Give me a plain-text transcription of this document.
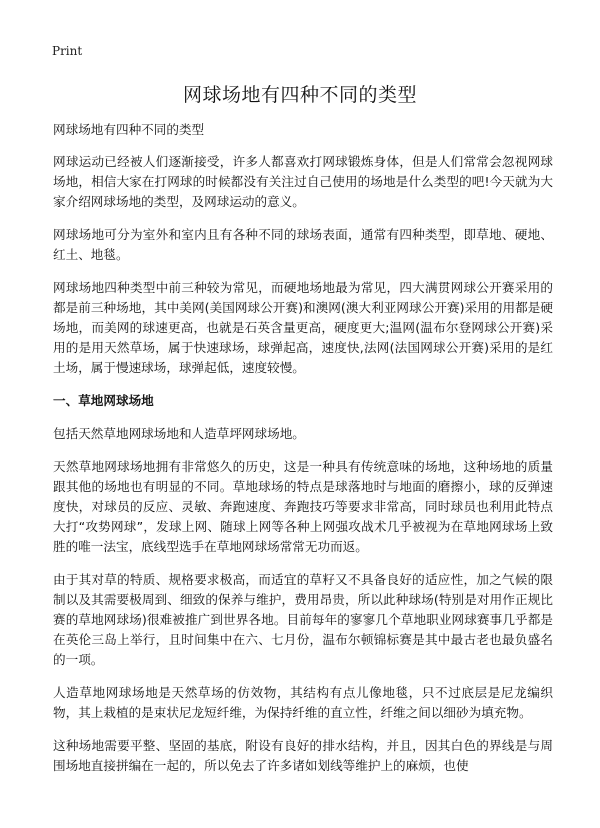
Print
网球场地有四种不同的类型

网球场地有四种不同的类型

网球运动已经被人们逐渐接受，许多人都喜欢打网球锻炼身体，但是人们常常会忽视网球场地，相信大家在打网球的时候都没有关注过自己使用的场地是什么类型的吧!今天就为大家介绍网球场地的类型，及网球运动的意义。

网球场地可分为室外和室内且有各种不同的球场表面，通常有四种类型，即草地、硬地、红土、地毯。

网球场地四种类型中前三种较为常见，而硬地场地最为常见，四大满贯网球公开赛采用的都是前三种场地，其中美网(美国网球公开赛)和澳网(澳大利亚网球公开赛)采用的用都是硬场地，而美网的球速更高，也就是石英含量更高，硬度更大;温网(温布尔登网球公开赛)采用的是用天然草场，属于快速球场，球弹起高，速度快,法网(法国网球公开赛)采用的是红土场，属于慢速球场，球弹起低，速度较慢。

一、草地网球场地

包括天然草地网球场地和人造草坪网球场地。

天然草地网球场地拥有非常悠久的历史，这是一种具有传统意味的场地，这种场地的质量跟其他的场地也有明显的不同。草地球场的特点是球落地时与地面的磨擦小，球的反弹速度快，对球员的反应、灵敏、奔跑速度、奔跑技巧等要求非常高，同时球员也利用此特点大打“攻势网球”，发球上网、随球上网等各种上网强攻战术几乎被视为在草地网球场上致胜的唯一法宝，底线型选手在草地网球场常常无功而返。

由于其对草的特质、规格要求极高，而适宜的草籽又不具备良好的适应性，加之气候的限制以及其需要极周到、细致的保养与维护，费用昂贵，所以此种球场(特别是对用作正规比赛的草地网球场)很难被推广到世界各地。目前每年的寥寥几个草地职业网球赛事几乎都是在英伦三岛上举行，且时间集中在六、七月份，温布尔顿锦标赛是其中最古老也最负盛名的一项。

人造草地网球场地是天然草场的仿效物，其结构有点儿像地毯，只不过底层是尼龙编织物，其上栽植的是束状尼龙短纤维，为保持纤维的直立性，纤维之间以细砂为填充物。

这种场地需要平整、坚固的基底，附设有良好的排水结构，并且，因其白色的界线是与周围场地直接拼编在一起的，所以免去了许多诸如划线等维护上的麻烦，也使
